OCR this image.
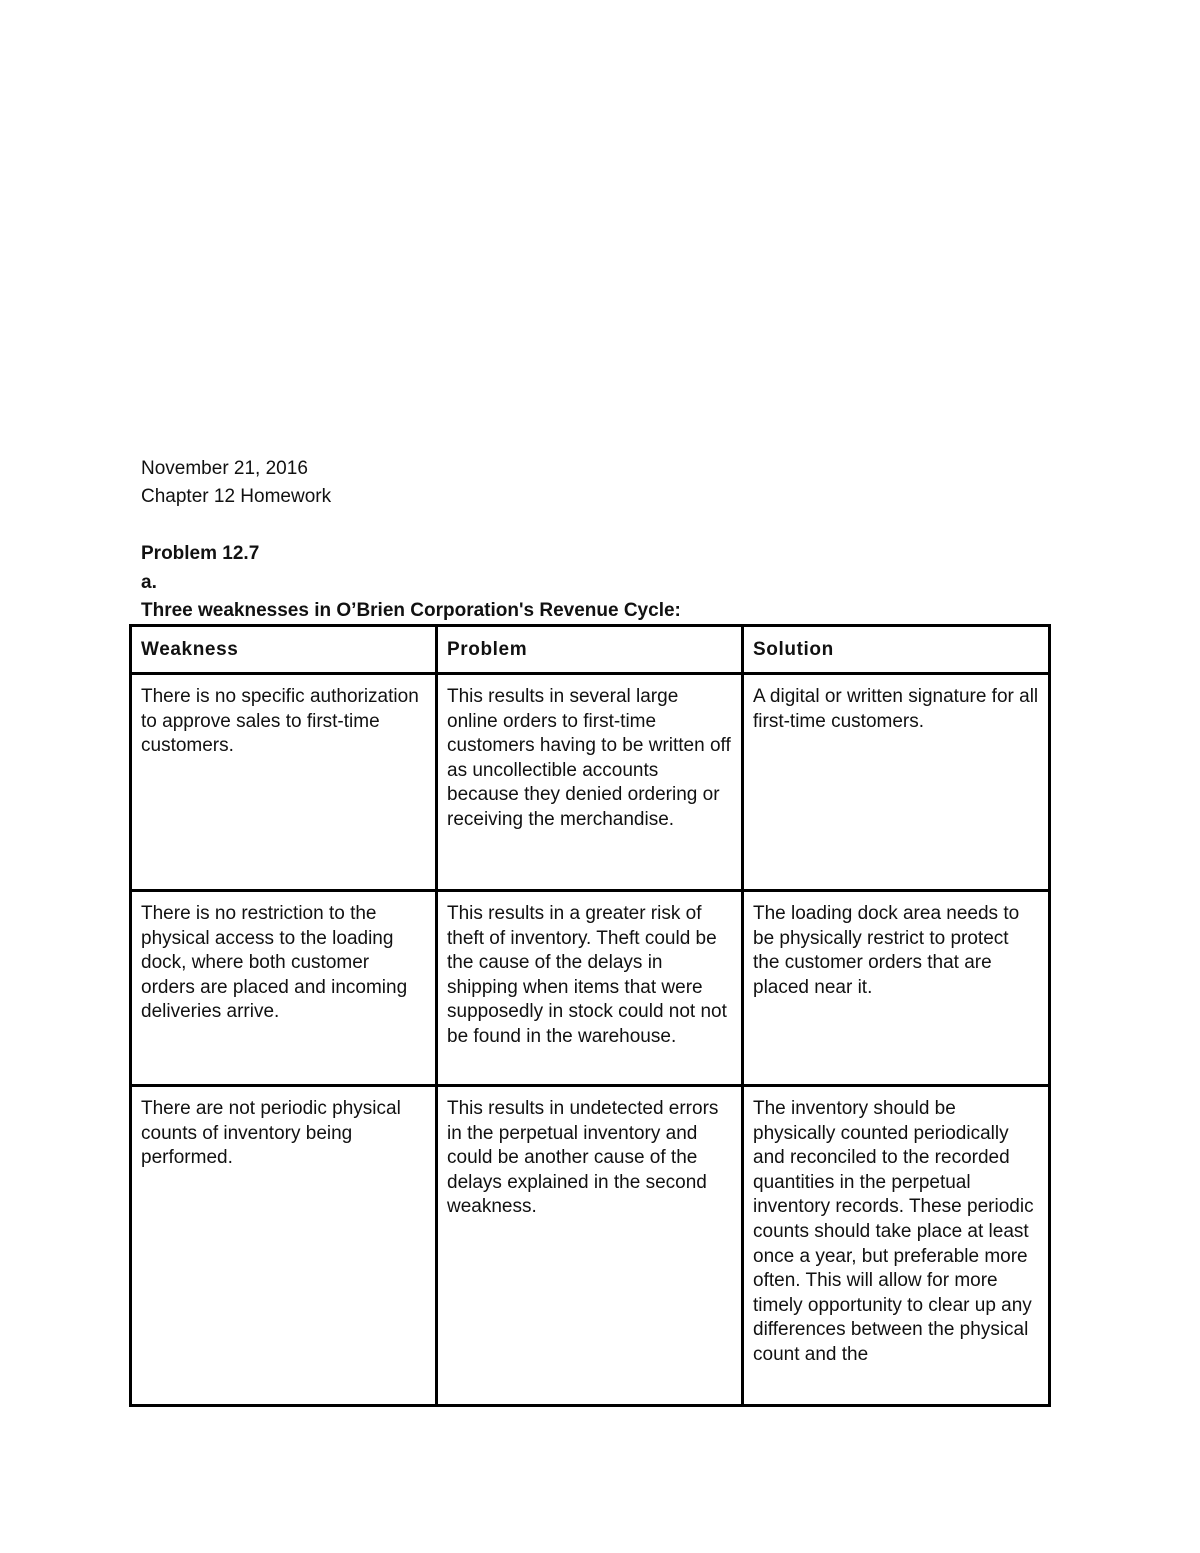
November 21, 2016
Chapter 12 Homework
Problem 12.7
a.
Three weaknesses in O’Brien Corporation's Revenue Cycle:
Weakness	Problem	Solution

There is no specific authorization to approve sales to first-time customers.	This results in several large online orders to first-time customers having to be written off as uncollectible accounts because they denied ordering or receiving the merchandise.	A digital or written signature for all first-time customers.

There is no restriction to the physical access to the loading dock, where both customer orders are placed and incoming deliveries arrive.	This results in a greater risk of theft of inventory. Theft could be the cause of the delays in shipping when items that were supposedly in stock could not not be found in the warehouse.	The loading dock area needs to be physically restrict to protect the customer orders that are placed near it.

There are not periodic physical counts of inventory being performed.	This results in undetected errors in the perpetual inventory and could be another cause of the delays explained in the second weakness.	The inventory should be physically counted periodically and reconciled to the recorded quantities in the perpetual inventory records. These periodic counts should take place at least once a year, but preferable more often. This will allow for more timely opportunity to clear up any differences between the physical count and the
